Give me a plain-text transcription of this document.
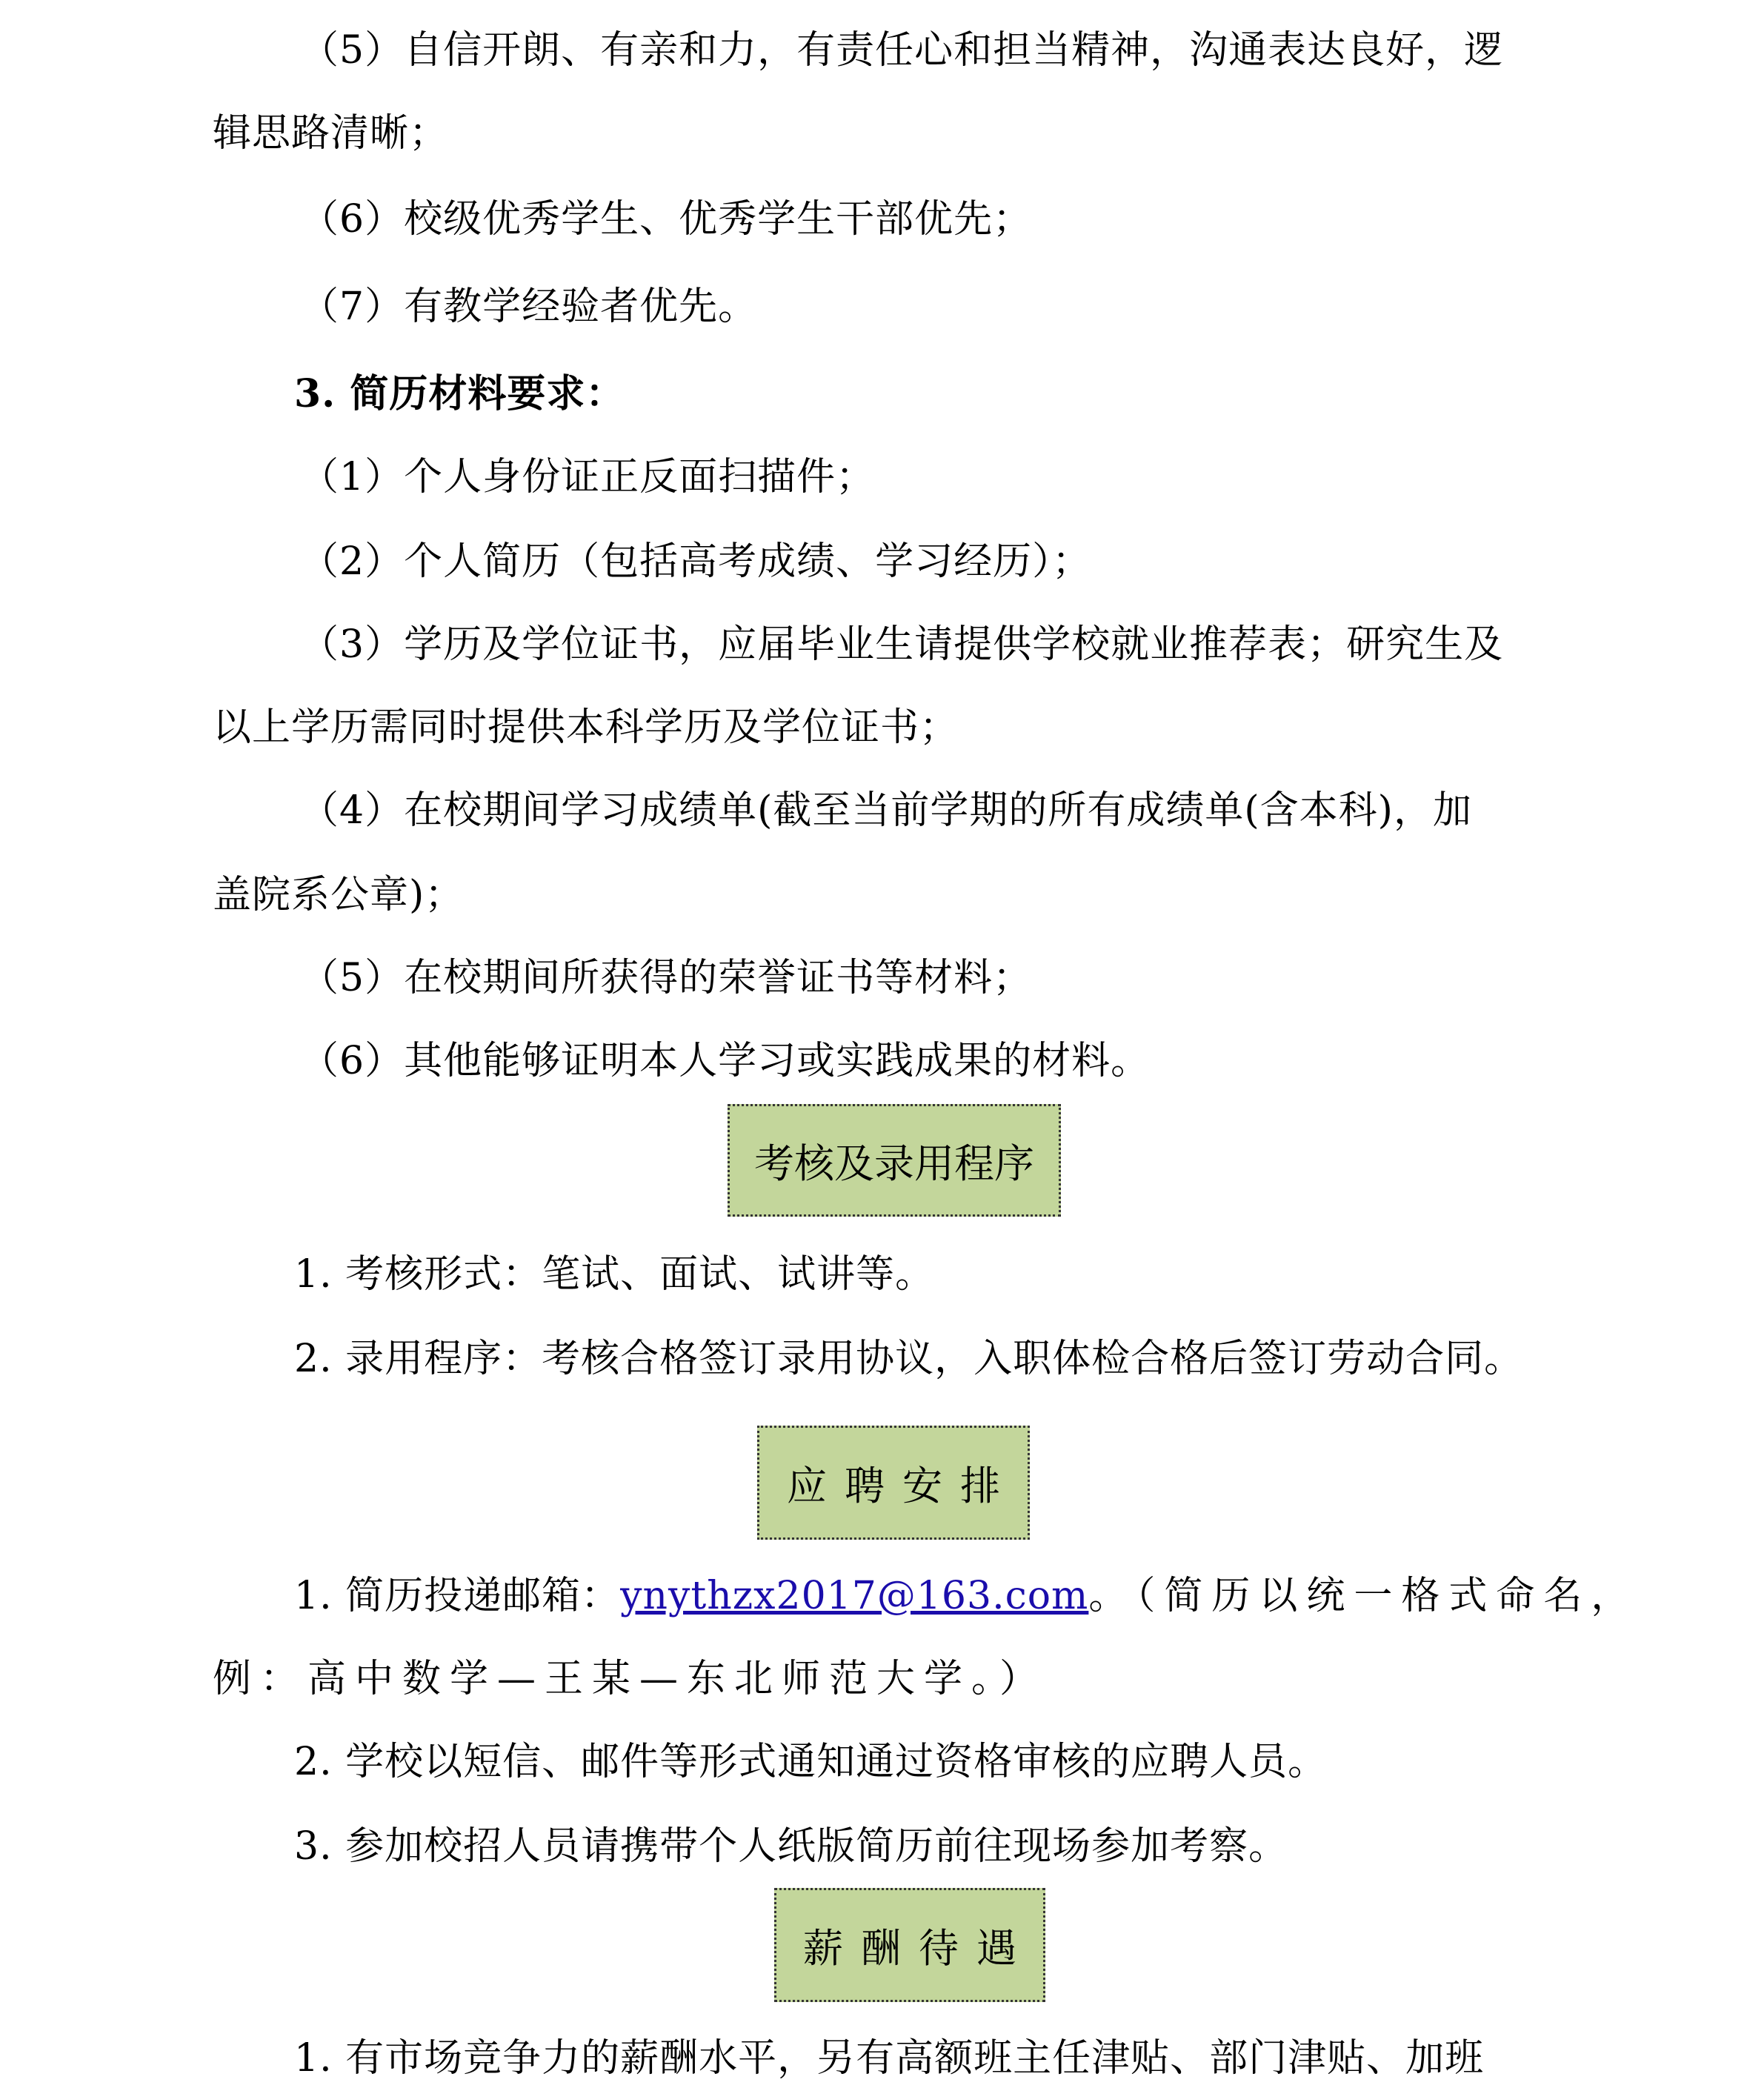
（5）自信开朗、有亲和力，有责任心和担当精神，沟通表达良好，逻
辑思路清晰；
（6）校级优秀学生、优秀学生干部优先；
（7）有教学经验者优先。
3. 简历材料要求：
（1）个人身份证正反面扫描件；
（2）个人简历（包括高考成绩、学习经历）；
（3）学历及学位证书，应届毕业生请提供学校就业推荐表；研究生及
以上学历需同时提供本科学历及学位证书；
（4）在校期间学习成绩单(截至当前学期的所有成绩单(含本科)，加
盖院系公章)；
（5）在校期间所获得的荣誉证书等材料；
（6）其他能够证明本人学习或实践成果的材料。
考核及录用程序
1. 考核形式：笔试、面试、试讲等。
2. 录用程序：考核合格签订录用协议，入职体检合格后签订劳动合同。
应聘安排
1. 简历投递邮箱：ynythzx2017@163.com。（简历以统一格式命名，
例：高中数学—王某—东北师范大学。）
2. 学校以短信、邮件等形式通知通过资格审核的应聘人员。
3. 参加校招人员请携带个人纸版简历前往现场参加考察。
薪酬待遇
1. 有市场竞争力的薪酬水平，另有高额班主任津贴、部门津贴、加班
